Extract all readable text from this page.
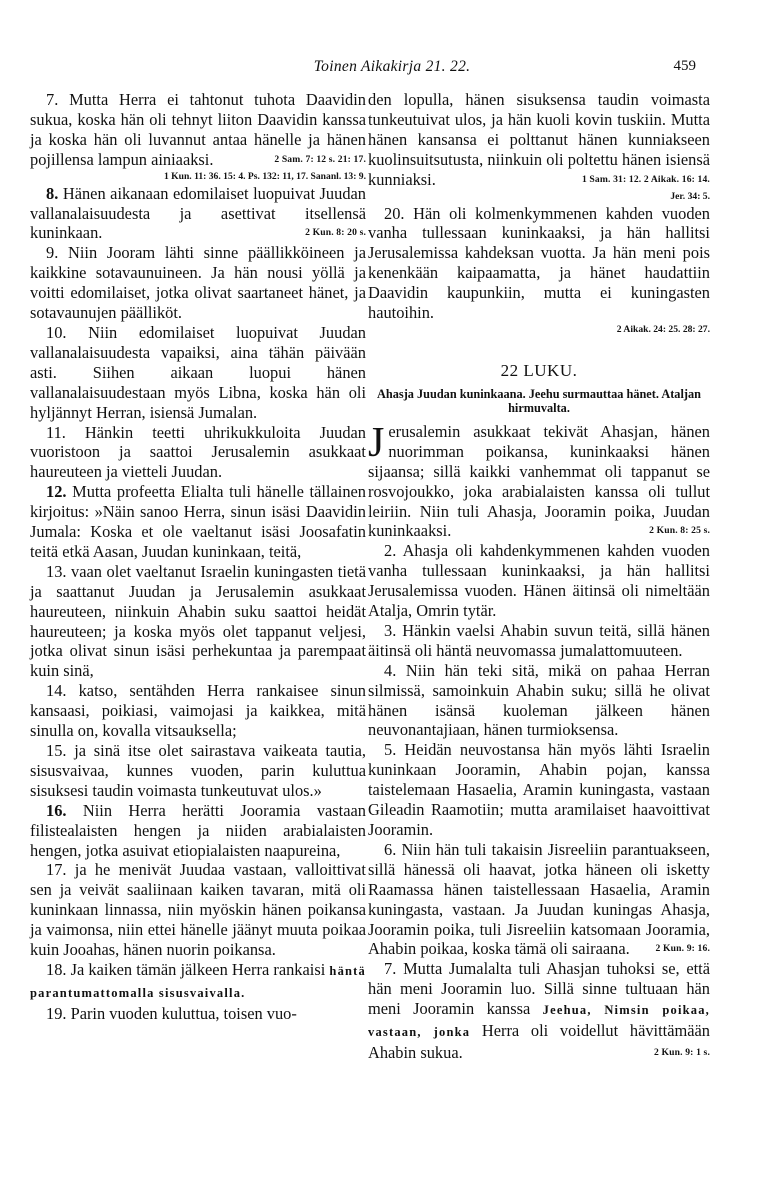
Toinen Aikakirja 21. 22.	459

7. Mutta Herra ei tahtonut tuhota Daavidin sukua, koska hän oli tehnyt liiton Daavidin kanssa ja koska hän oli luvannut antaa hänelle ja hänen pojillensa lampun ainiaaksi.	2 Sam. 7: 12 s. 21: 17.

1 Kun. 11: 36. 15: 4. Ps. 132: 11, 17. Sananl. 13: 9.

8. Hänen aikanaan edomilaiset luopuivat Juudan vallanalaisuudesta ja asettivat itsellensä kuninkaan.	2 Kun. 8: 20 s.

9. Niin Jooram lähti sinne päällikköineen ja kaikkine sotavaunuineen. Ja hän nousi yöllä ja voitti edomilaiset, jotka olivat saartaneet hänet, ja sotavaunujen päälliköt.

10. Niin edomilaiset luopuivat Juudan vallanalaisuudesta vapaiksi, aina tähän päivään asti. Siihen aikaan luopui hänen vallanalaisuudestaan myös Libna, koska hän oli hyljännyt Herran, isiensä Jumalan.

11. Hänkin teetti uhrikukkuloita Juudan vuoristoon ja saattoi Jerusalemin asukkaat haureuteen ja vietteli Juudan.

12. Mutta profeetta Elialta tuli hänelle tällainen kirjoitus: »Näin sanoo Herra, sinun isäsi Daavidin Jumala: Koska et ole vaeltanut isäsi Joosafatin teitä etkä Aasan, Juudan kuninkaan, teitä,

13. vaan olet vaeltanut Israelin kuningasten tietä ja saattanut Juudan ja Jerusalemin asukkaat haureuteen, niinkuin Ahabin suku saattoi heidät haureuteen; ja koska myös olet tappanut veljesi, jotka olivat sinun isäsi perhekuntaa ja parempaat kuin sinä,

14. katso, sentähden Herra rankaisee sinun kansaasi, poikiasi, vaimojasi ja kaikkea, mitä sinulla on, kovalla vitsauksella;

15. ja sinä itse olet sairastava vaikeata tautia, sisusvaivaa, kunnes vuoden, parin kuluttua sisuksesi taudin voimasta tunkeutuvat ulos.»

16. Niin Herra herätti Jooramia vastaan filistealaisten hengen ja niiden arabialaisten hengen, jotka asuivat etiopialaisten naapureina,

17. ja he menivät Juudaa vastaan, valloittivat sen ja veivät saaliinaan kaiken tavaran, mitä oli kuninkaan linnassa, niin myöskin hänen poikansa ja vaimonsa, niin ettei hänelle jäänyt muuta poikaa kuin Jooahas, hänen nuorin poikansa.

18. Ja kaiken tämän jälkeen Herra rankaisi häntä parantumattomalla sisusvaivalla.

19. Parin vuoden kuluttua, toisen vuo-

den lopulla, hänen sisuksensa taudin voimasta tunkeutuivat ulos, ja hän kuoli kovin tuskiin. Mutta hänen kansansa ei polttanut hänen kunniakseen kuolinsuitsutusta, niinkuin oli poltettu hänen isiensä kunniaksi.	1 Sam. 31: 12. 2 Aikak. 16: 14.

Jer. 34: 5.

20. Hän oli kolmenkymmenen kahden vuoden vanha tullessaan kuninkaaksi, ja hän hallitsi Jerusalemissa kahdeksan vuotta. Ja hän meni pois kenenkään kaipaamatta, ja hänet haudattiin Daavidin kaupunkiin, mutta ei kuningasten hautoihin.

2 Aikak. 24: 25. 28: 27.
22 LUKU.
Ahasja Juudan kuninkaana. Jeehu surmauttaa hänet. Ataljan hirmuvalta.

J erusalemin asukkaat tekivät Ahasjan, hänen nuorimman poikansa, kuninkaaksi hänen sijaansa; sillä kaikki vanhemmat oli tappanut se rosvojoukko, joka arabialaisten kanssa oli tullut leiriin. Niin tuli Ahasja, Jooramin poika, Juudan kuninkaaksi.	2 Kun. 8: 25 s.

2. Ahasja oli kahdenkymmenen kahden vuoden vanha tullessaan kuninkaaksi, ja hän hallitsi Jerusalemissa vuoden. Hänen äitinsä oli nimeltään Atalja, Omrin tytär.

3. Hänkin vaelsi Ahabin suvun teitä, sillä hänen äitinsä oli häntä neuvomassa jumalattomuuteen.

4. Niin hän teki sitä, mikä on pahaa Herran silmissä, samoinkuin Ahabin suku; sillä he olivat hänen isänsä kuoleman jälkeen hänen neuvonantajiaan, hänen turmioksensa.

5. Heidän neuvostansa hän myös lähti Israelin kuninkaan Jooramin, Ahabin pojan, kanssa taistelemaan Hasaelia, Aramin kuningasta, vastaan Gileadin Raamotiin; mutta aramilaiset haavoittivat Jooramin.

6. Niin hän tuli takaisin Jisreeliin parantuakseen, sillä hänessä oli haavat, jotka häneen oli isketty Raamassa hänen taistellessaan Hasaelia, Aramin kuningasta, vastaan. Ja Juudan kuningas Ahasja, Jooramin poika, tuli Jisreeliin katsomaan Jooramia, Ahabin poikaa, koska tämä oli sairaana.	2 Kun. 9: 16.

7. Mutta Jumalalta tuli Ahasjan tuhoksi se, että hän meni Jooramin luo. Sillä sinne tultuaan hän meni Jooramin kanssa Jeehua, Nimsin poikaa, vastaan, jonka Herra oli voidellut hävittämään Ahabin sukua.	2 Kun. 9: 1 s.
